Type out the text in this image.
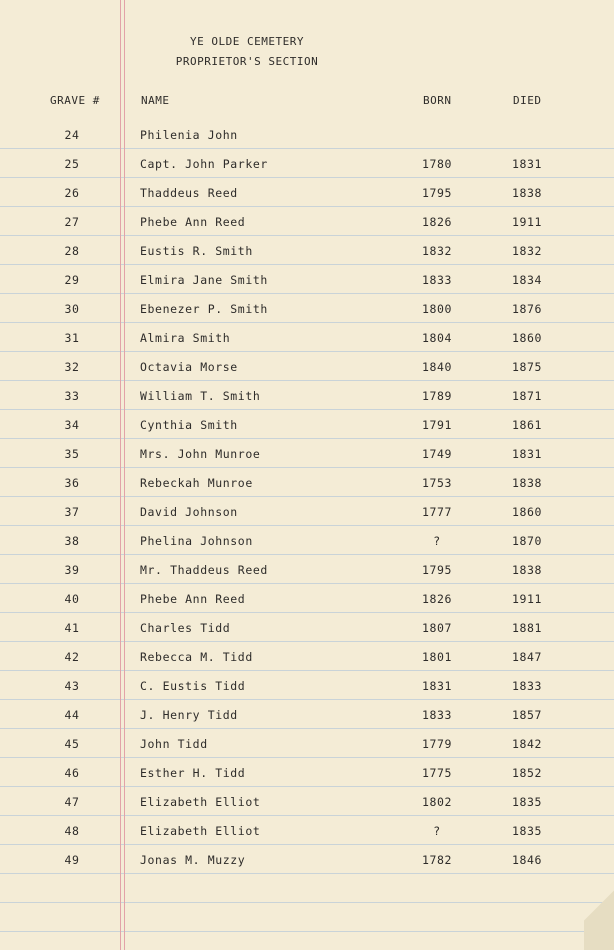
YE OLDE CEMETERY
PROPRIETOR'S SECTION
GRAVE #	NAME	BORN	DIED
24	Philenia John
25	Capt. John Parker	1780	1831
26	Thaddeus Reed	1795	1838
27	Phebe Ann Reed	1826	1911
28	Eustis R. Smith	1832	1832
29	Elmira Jane Smith	1833	1834
30	Ebenezer P. Smith	1800	1876
31	Almira Smith	1804	1860
32	Octavia Morse	1840	1875
33	William T. Smith	1789	1871
34	Cynthia Smith	1791	1861
35	Mrs. John Munroe	1749	1831
36	Rebeckah Munroe	1753	1838
37	David Johnson	1777	1860
38	Phelina Johnson	?	1870
39	Mr. Thaddeus Reed	1795	1838
40	Phebe Ann Reed	1826	1911
41	Charles Tidd	1807	1881
42	Rebecca M. Tidd	1801	1847
43	C. Eustis Tidd	1831	1833
44	J. Henry Tidd	1833	1857
45	John Tidd	1779	1842
46	Esther H. Tidd	1775	1852
47	Elizabeth Elliot	1802	1835
48	Elizabeth Elliot	?	1835
49	Jonas M. Muzzy	1782	1846
